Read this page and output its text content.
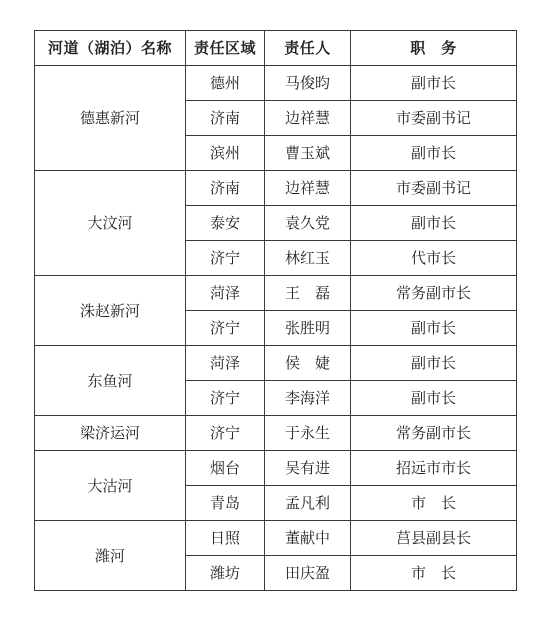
河道（湖泊）名称	责任区域	责任人	职　务
德惠新河	德州	马俊昀	副市长
	济南	边祥慧	市委副书记
	滨州	曹玉斌	副市长
大汶河	济南	边祥慧	市委副书记
	泰安	袁久党	副市长
	济宁	林红玉	代市长
洙赵新河	菏泽	王　磊	常务副市长
	济宁	张胜明	副市长
东鱼河	菏泽	侯　婕	副市长
	济宁	李海洋	副市长
梁济运河	济宁	于永生	常务副市长
大沽河	烟台	吴有进	招远市市长
	青岛	孟凡利	市　长
潍河	日照	董献中	莒县副县长
	潍坊	田庆盈	市　长
